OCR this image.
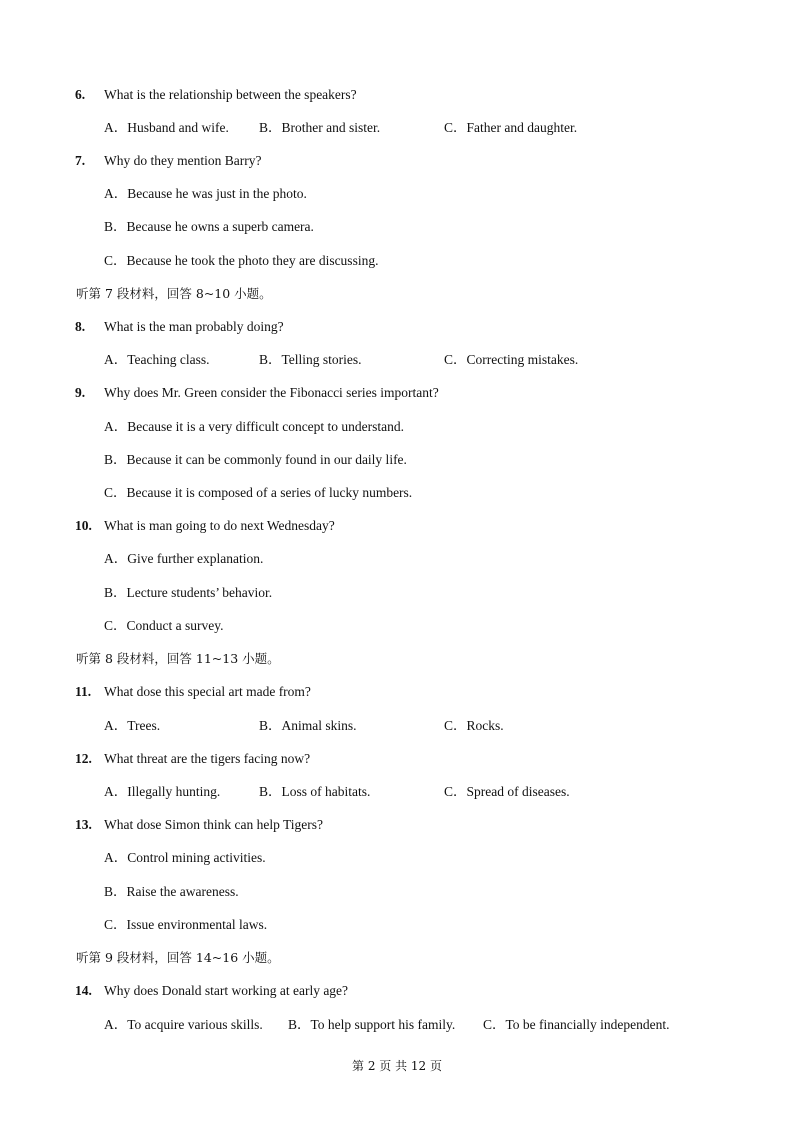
6. What is the relationship between the speakers?
A．Husband and wife. B．Brother and sister.	C．Father and daughter.
7. Why do they mention Barry?
A．Because he was just in the photo.
B．Because he owns a superb camera.
C．Because he took the photo they are discussing.
听第 7 段材料，回答 8~10 小题。
8. What is the man probably doing?
A．Teaching class.	B．Telling stories.	C．Correcting mistakes.
9. Why does Mr. Green consider the Fibonacci series important?
A．Because it is a very difficult concept to understand.
B．Because it can be commonly found in our daily life.
C．Because it is composed of a series of lucky numbers.
10. What is man going to do next Wednesday?
A．Give further explanation.
B．Lecture students’ behavior.
C．Conduct a survey.
听第 8 段材料，回答 11~13 小题。
11. What dose this special art made from?
A．Trees.	B．Animal skins.	C．Rocks.
12. What threat are the tigers facing now?
A．Illegally hunting.	B．Loss of habitats.	C．Spread of diseases.
13. What dose Simon think can help Tigers?
A．Control mining activities.
B．Raise the awareness.
C．Issue environmental laws.
听第 9 段材料，回答 14~16 小题。
14. Why does Donald start working at early age?
A．To acquire various skills. B．To help support his family. C．To be financially independent.
第 2 页 共 12 页
